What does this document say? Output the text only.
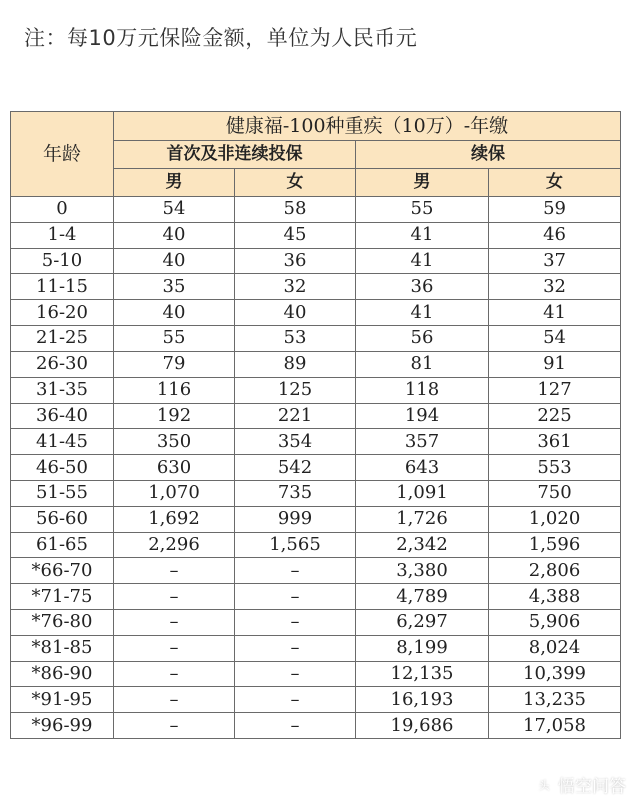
注：每10万元保险金额，单位为人民币元
年龄	健康福-100种重疾（10万）-年缴			
	首次及非连续投保		续保	
	男	女	男	女
0	54	58	55	59
1-4	40	45	41	46
5-10	40	36	41	37
11-15	35	32	36	32
16-20	40	40	41	41
21-25	55	53	56	54
26-30	79	89	81	91
31-35	116	125	118	127
36-40	192	221	194	225
41-45	350	354	357	361
46-50	630	542	643	553
51-55	1,070	735	1,091	750
56-60	1,692	999	1,726	1,020
61-65	2,296	1,565	2,342	1,596
*66-70	–	–	3,380	2,806
*71-75	–	–	4,789	4,388
*76-80	–	–	6,297	5,906
*81-85	–	–	8,199	8,024
*86-90	–	–	12,135	10,399
*91-95	–	–	16,193	13,235
*96-99	–	–	19,686	17,058
头 悟空问答
